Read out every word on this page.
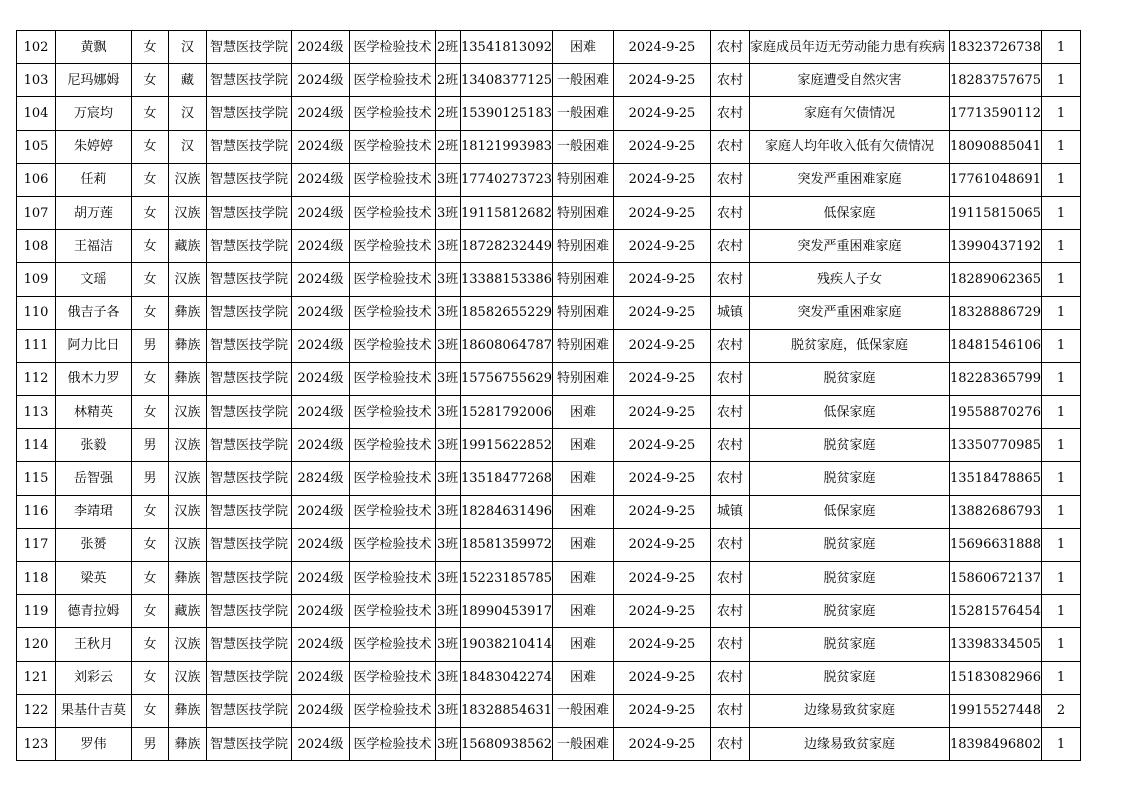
102	黄飘	女	汉	智慧医技学院	2024级	医学检验技术	2班	13541813092	困难	2024-9-25	农村	家庭成员年迈无劳动能力患有疾病	18323726738	1
103	尼玛娜姆	女	藏	智慧医技学院	2024级	医学检验技术	2班	13408377125	一般困难	2024-9-25	农村	家庭遭受自然灾害	18283757675	1
104	万宸均	女	汉	智慧医技学院	2024级	医学检验技术	2班	15390125183	一般困难	2024-9-25	农村	家庭有欠债情况	17713590112	1
105	朱婷婷	女	汉	智慧医技学院	2024级	医学检验技术	2班	18121993983	一般困难	2024-9-25	农村	家庭人均年收入低有欠债情况	18090885041	1
106	任莉	女	汉族	智慧医技学院	2024级	医学检验技术	3班	17740273723	特别困难	2024-9-25	农村	突发严重困难家庭	17761048691	1
107	胡万莲	女	汉族	智慧医技学院	2024级	医学检验技术	3班	19115812682	特别困难	2024-9-25	农村	低保家庭	19115815065	1
108	王福洁	女	藏族	智慧医技学院	2024级	医学检验技术	3班	18728232449	特别困难	2024-9-25	农村	突发严重困难家庭	13990437192	1
109	文瑶	女	汉族	智慧医技学院	2024级	医学检验技术	3班	13388153386	特别困难	2024-9-25	农村	残疾人子女	18289062365	1
110	俄吉子各	女	彝族	智慧医技学院	2024级	医学检验技术	3班	18582655229	特别困难	2024-9-25	城镇	突发严重困难家庭	18328886729	1
111	阿力比日	男	彝族	智慧医技学院	2024级	医学检验技术	3班	18608064787	特别困难	2024-9-25	农村	脱贫家庭，低保家庭	18481546106	1
112	俄木力罗	女	彝族	智慧医技学院	2024级	医学检验技术	3班	15756755629	特别困难	2024-9-25	农村	脱贫家庭	18228365799	1
113	林精英	女	汉族	智慧医技学院	2024级	医学检验技术	3班	15281792006	困难	2024-9-25	农村	低保家庭	19558870276	1
114	张毅	男	汉族	智慧医技学院	2024级	医学检验技术	3班	19915622852	困难	2024-9-25	农村	脱贫家庭	13350770985	1
115	岳智强	男	汉族	智慧医技学院	2824级	医学检验技术	3班	13518477268	困难	2024-9-25	农村	脱贫家庭	13518478865	1
116	李靖珺	女	汉族	智慧医技学院	2024级	医学检验技术	3班	18284631496	困难	2024-9-25	城镇	低保家庭	13882686793	1
117	张赟	女	汉族	智慧医技学院	2024级	医学检验技术	3班	18581359972	困难	2024-9-25	农村	脱贫家庭	15696631888	1
118	梁英	女	彝族	智慧医技学院	2024级	医学检验技术	3班	15223185785	困难	2024-9-25	农村	脱贫家庭	15860672137	1
119	德青拉姆	女	藏族	智慧医技学院	2024级	医学检验技术	3班	18990453917	困难	2024-9-25	农村	脱贫家庭	15281576454	1
120	王秋月	女	汉族	智慧医技学院	2024级	医学检验技术	3班	19038210414	困难	2024-9-25	农村	脱贫家庭	13398334505	1
121	刘彩云	女	汉族	智慧医技学院	2024级	医学检验技术	3班	18483042274	困难	2024-9-25	农村	脱贫家庭	15183082966	1
122	果基什吉莫	女	彝族	智慧医技学院	2024级	医学检验技术	3班	18328854631	一般困难	2024-9-25	农村	边缘易致贫家庭	19915527448	2
123	罗伟	男	彝族	智慧医技学院	2024级	医学检验技术	3班	15680938562	一般困难	2024-9-25	农村	边缘易致贫家庭	18398496802	1
